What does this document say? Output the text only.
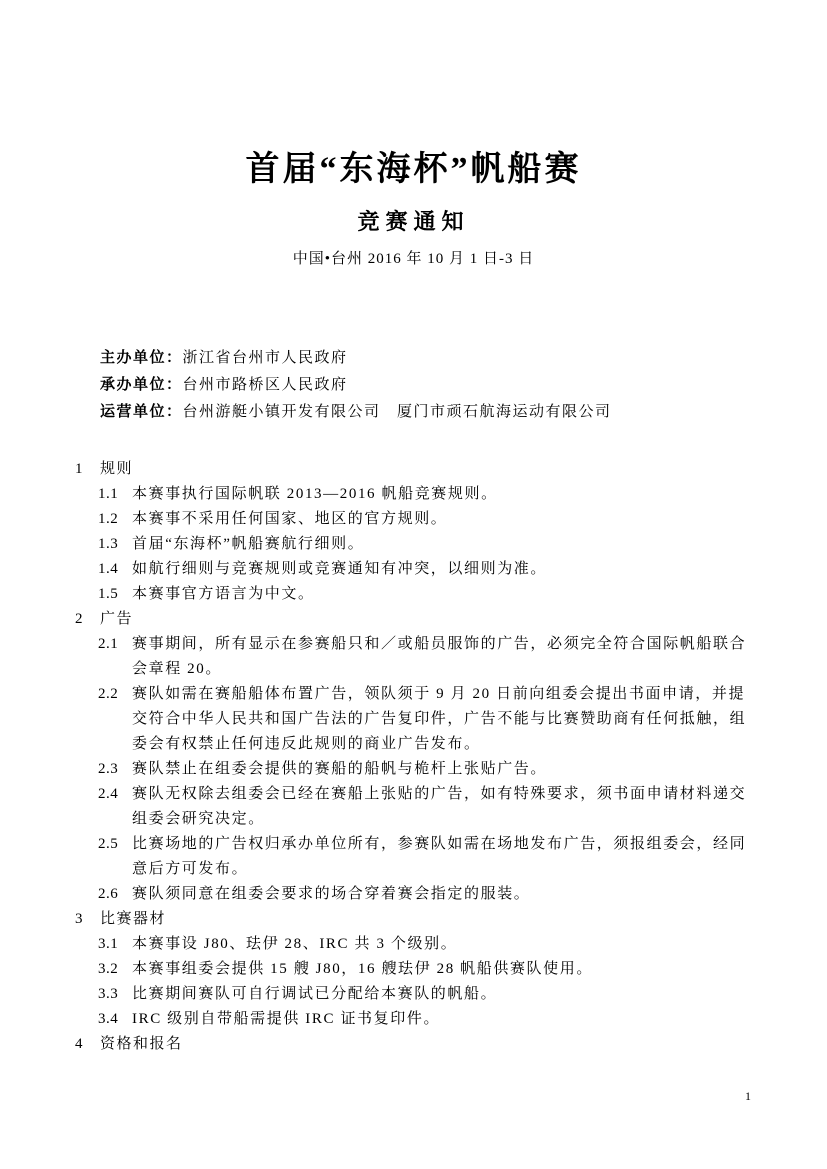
首届“东海杯”帆船赛
竞赛通知

中国•台州 2016 年 10 月 1 日-3 日

主办单位：浙江省台州市人民政府

承办单位：台州市路桥区人民政府

运营单位：台州游艇小镇开发有限公司　厦门市顽石航海运动有限公司

1 规则

1.1 本赛事执行国际帆联 2013—2016 帆船竞赛规则。

1.2 本赛事不采用任何国家、地区的官方规则。

1.3 首届“东海杯”帆船赛航行细则。

1.4 如航行细则与竞赛规则或竞赛通知有冲突，以细则为准。

1.5 本赛事官方语言为中文。

2 广告

2.1 赛事期间，所有显示在参赛船只和／或船员服饰的广告，必须完全符合国际帆船联合会章程 20。

2.2 赛队如需在赛船船体布置广告，领队须于 9 月 20 日前向组委会提出书面申请，并提交符合中华人民共和国广告法的广告复印件，广告不能与比赛赞助商有任何抵触，组委会有权禁止任何违反此规则的商业广告发布。

2.3 赛队禁止在组委会提供的赛船的船帆与桅杆上张贴广告。

2.4 赛队无权除去组委会已经在赛船上张贴的广告，如有特殊要求，须书面申请材料递交组委会研究决定。

2.5 比赛场地的广告权归承办单位所有，参赛队如需在场地发布广告，须报组委会，经同意后方可发布。

2.6 赛队须同意在组委会要求的场合穿着赛会指定的服装。

3 比赛器材

3.1 本赛事设 J80、珐伊 28、IRC 共 3 个级别。

3.2 本赛事组委会提供 15 艘 J80，16 艘珐伊 28 帆船供赛队使用。

3.3 比赛期间赛队可自行调试已分配给本赛队的帆船。

3.4 IRC 级别自带船需提供 IRC 证书复印件。

4 资格和报名

1
